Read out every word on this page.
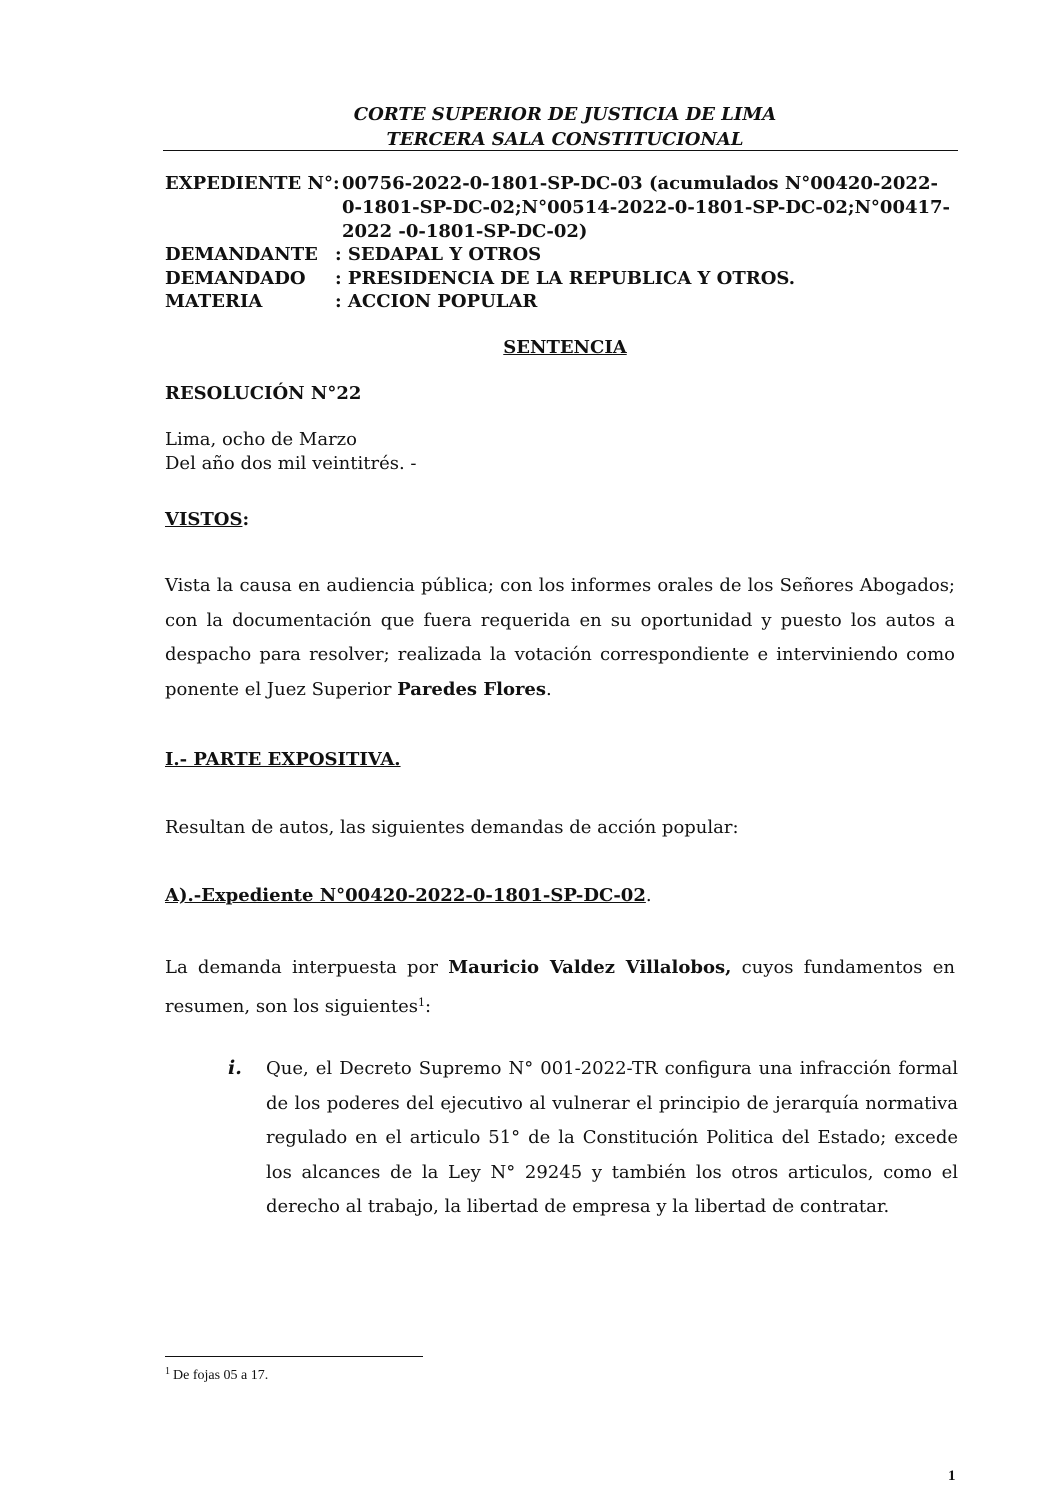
CORTE SUPERIOR DE JUSTICIA DE LIMA
TERCERA SALA CONSTITUCIONAL
EXPEDIENTE N°: 00756-2022-0-1801-SP-DC-03 (acumulados N°00420-2022-
0-1801-SP-DC-02;N°00514-2022-0-1801-SP-DC-02;N°00417-
2022 -0-1801-SP-DC-02)
DEMANDANTE : SEDAPAL Y OTROS
DEMANDADO : PRESIDENCIA DE LA REPUBLICA Y OTROS.
MATERIA	: ACCION POPULAR
SENTENCIA
RESOLUCIÓN N°22
Lima, ocho de Marzo
Del año dos mil veintitrés. -
VISTOS:
Vista la causa en audiencia pública; con los informes orales de los Señores Abogados; con la documentación que fuera requerida en su oportunidad y puesto los autos a despacho para resolver; realizada la votación correspondiente e interviniendo como ponente el Juez Superior Paredes Flores.
I.- PARTE EXPOSITIVA.
Resultan de autos, las siguientes demandas de acción popular:
A).-Expediente N°00420-2022-0-1801-SP-DC-02.
La demanda interpuesta por Mauricio Valdez Villalobos, cuyos fundamentos en resumen, son los siguientes$^1$:
i. Que, el Decreto Supremo N° 001-2022-TR configura una infracción formal de los poderes del ejecutivo al vulnerar el principio de jerarquía normativa regulado en el articulo 51° de la Constitución Politica del Estado; excede los alcances de la Ley N° 29245 y también los otros articulos, como el derecho al trabajo, la libertad de empresa y la libertad de contratar.
$^1$ De fojas 05 a 17.
1
